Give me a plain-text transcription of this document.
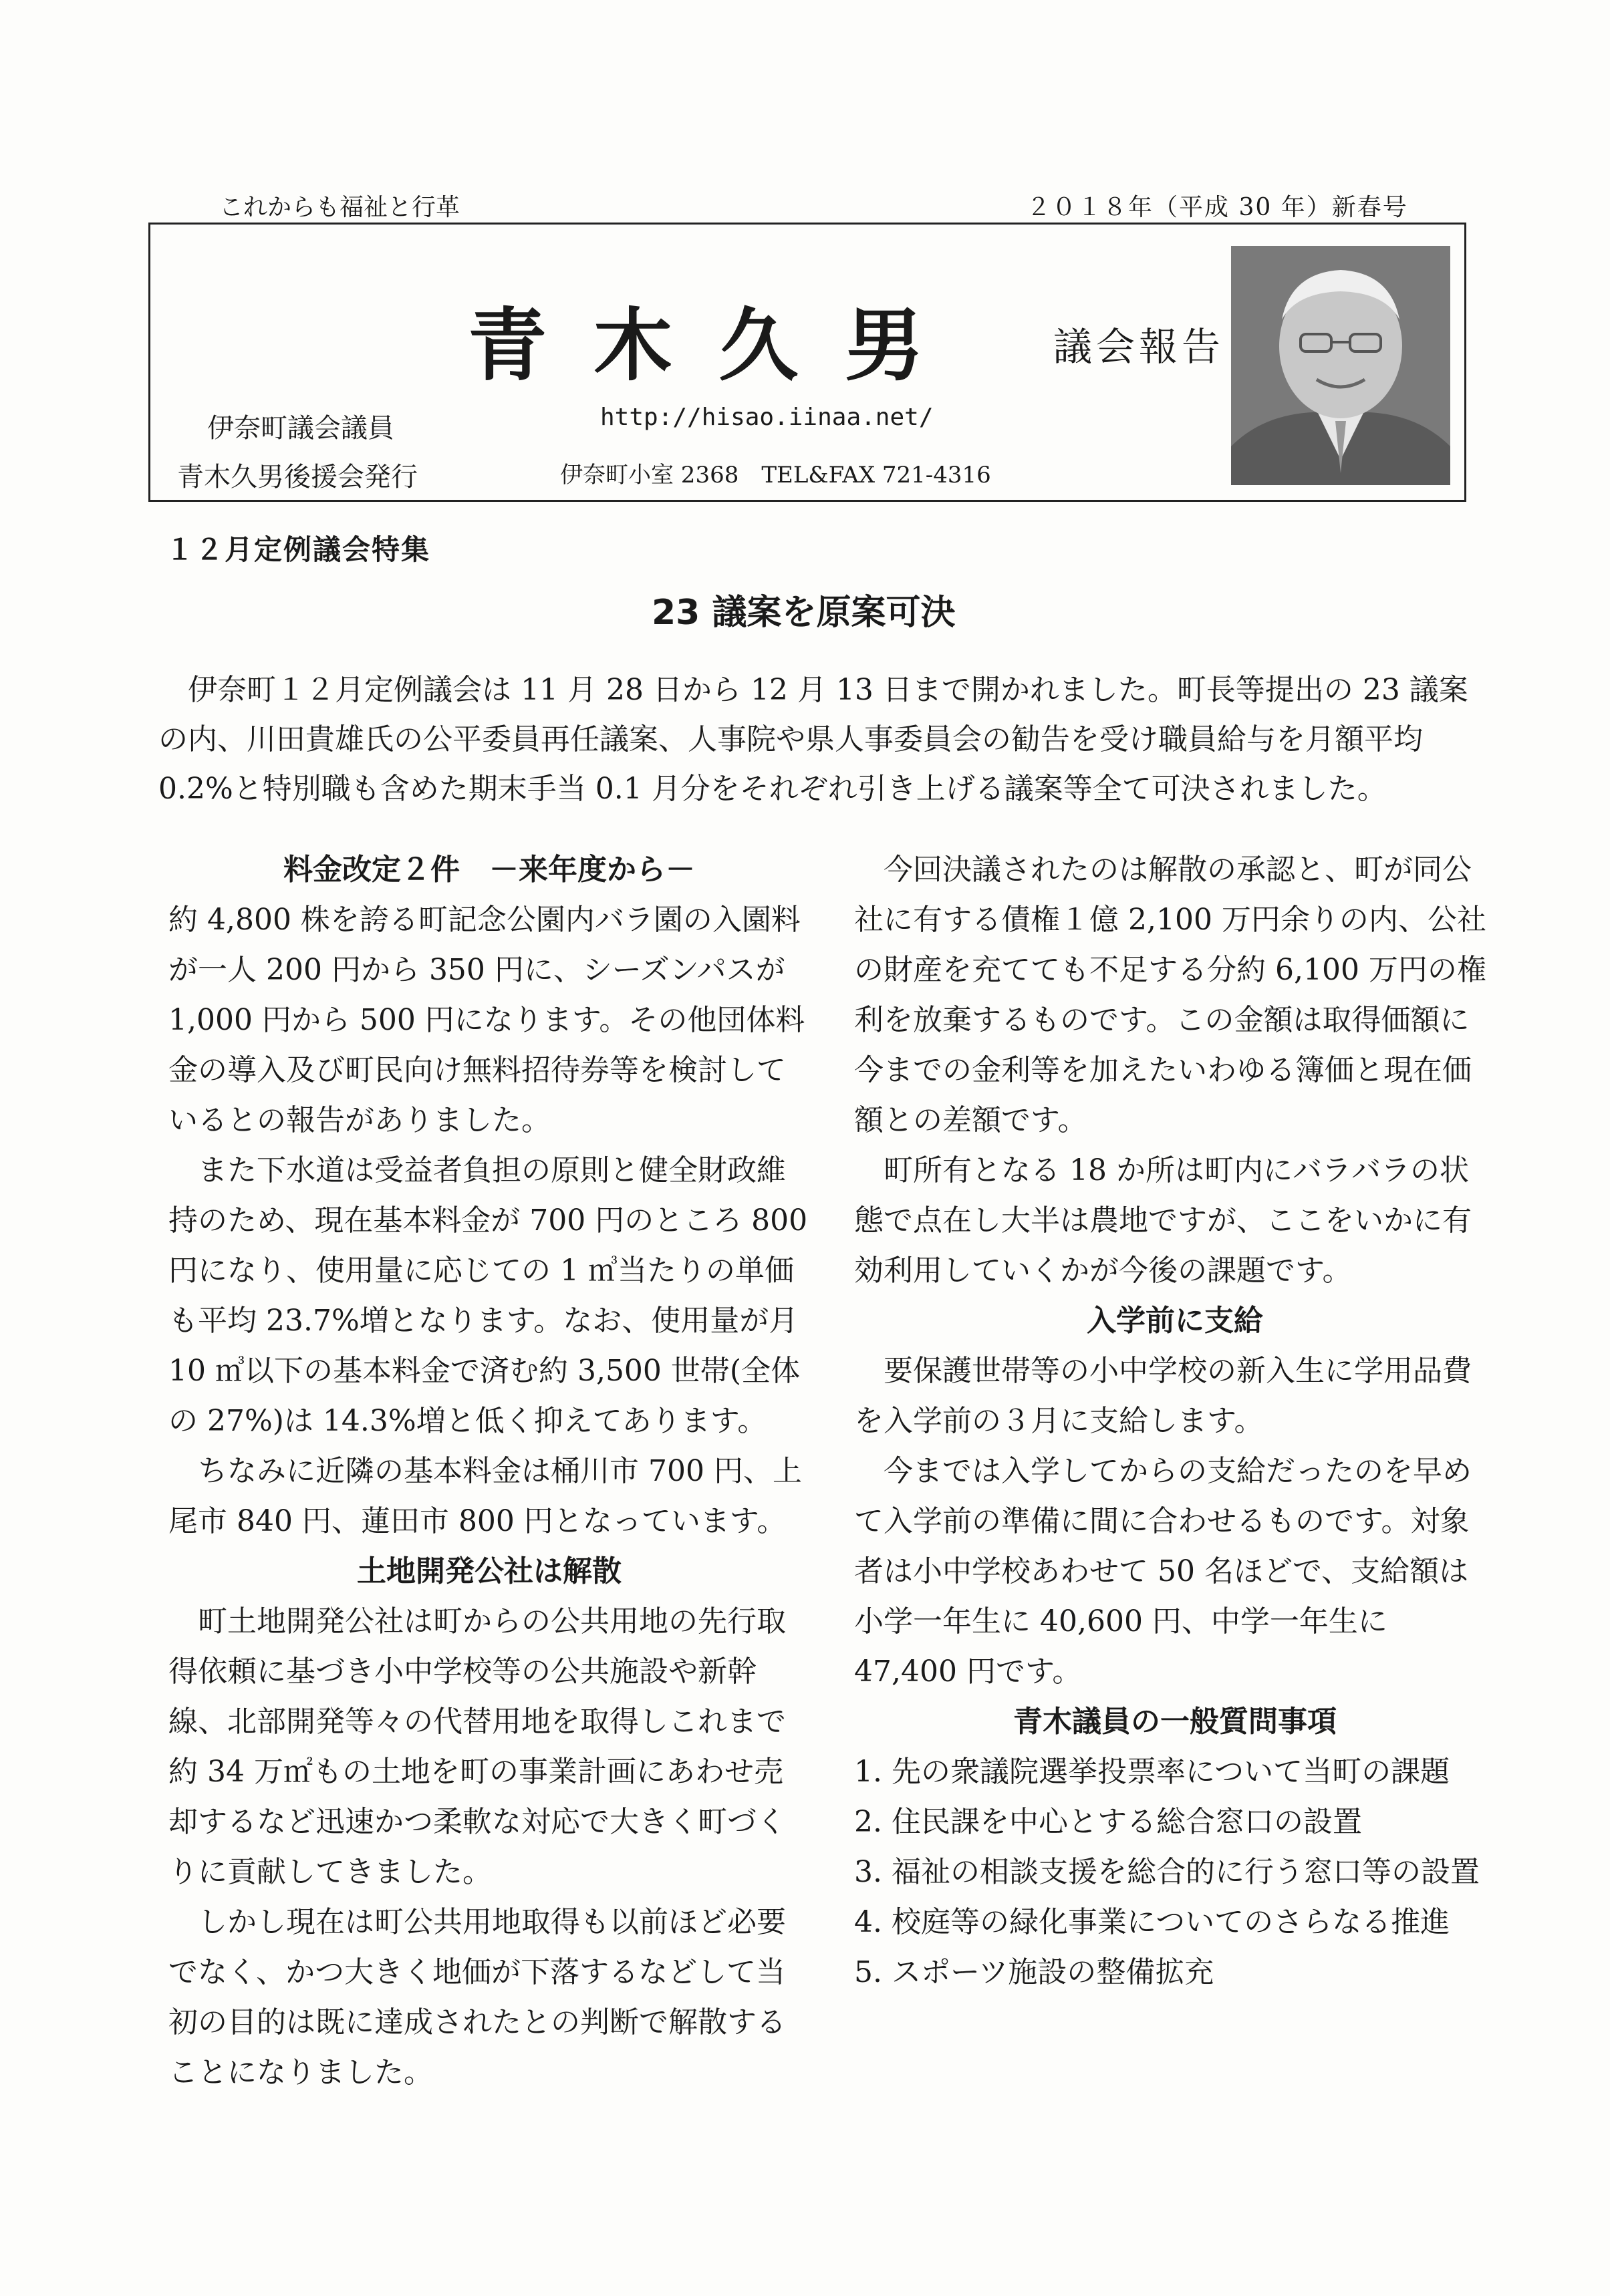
これからも福祉と行革	２０１８年（平成 30 年）新春号
青木久男 議会報告
伊奈町議会議員
青木久男後援会発行
http://hisao.iinaa.net/
伊奈町小室 2368　TEL&FAX 721-4316
１２月定例議会特集
23 議案を原案可決

伊奈町１２月定例議会は 11 月 28 日から 12 月 13 日まで開かれました。町長等提出の 23 議案の内、川田貴雄氏の公平委員再任議案、人事院や県人事委員会の勧告を受け職員給与を月額平均 0.2%と特別職も含めた期末手当 0.1 月分をそれぞれ引き上げる議案等全て可決されました。

料金改定２件　－来年度から－

約 4,800 株を誇る町記念公園内バラ園の入園料が一人 200 円から 350 円に、シーズンパスが 1,000 円から 500 円になります。その他団体料金の導入及び町民向け無料招待券等を検討しているとの報告がありました。

また下水道は受益者負担の原則と健全財政維持のため、現在基本料金が 700 円のところ 800 円になり、使用量に応じての 1 ㎥当たりの単価も平均 23.7%増となります。なお、使用量が月 10 ㎥以下の基本料金で済む約 3,500 世帯(全体の 27%)は 14.3%増と低く抑えてあります。

ちなみに近隣の基本料金は桶川市 700 円、上尾市 840 円、蓮田市 800 円となっています。

土地開発公社は解散

町土地開発公社は町からの公共用地の先行取得依頼に基づき小中学校等の公共施設や新幹線、北部開発等々の代替用地を取得しこれまで約 34 万㎡もの土地を町の事業計画にあわせ売却するなど迅速かつ柔軟な対応で大きく町づくりに貢献してきました。

しかし現在は町公共用地取得も以前ほど必要でなく、かつ大きく地価が下落するなどして当初の目的は既に達成されたとの判断で解散することになりました。

今回決議されたのは解散の承認と、町が同公社に有する債権１億 2,100 万円余りの内、公社の財産を充てても不足する分約 6,100 万円の権利を放棄するものです。この金額は取得価額に今までの金利等を加えたいわゆる簿価と現在価額との差額です。

町所有となる 18 か所は町内にバラバラの状態で点在し大半は農地ですが、ここをいかに有効利用していくかが今後の課題です。

入学前に支給

要保護世帯等の小中学校の新入生に学用品費を入学前の３月に支給します。

今までは入学してからの支給だったのを早めて入学前の準備に間に合わせるものです。対象者は小中学校あわせて 50 名ほどで、支給額は小学一年生に 40,600 円、中学一年生に 47,400 円です。

青木議員の一般質問事項
1. 先の衆議院選挙投票率について当町の課題
2. 住民課を中心とする総合窓口の設置
3. 福祉の相談支援を総合的に行う窓口等の設置
4. 校庭等の緑化事業についてのさらなる推進
5. スポーツ施設の整備拡充
